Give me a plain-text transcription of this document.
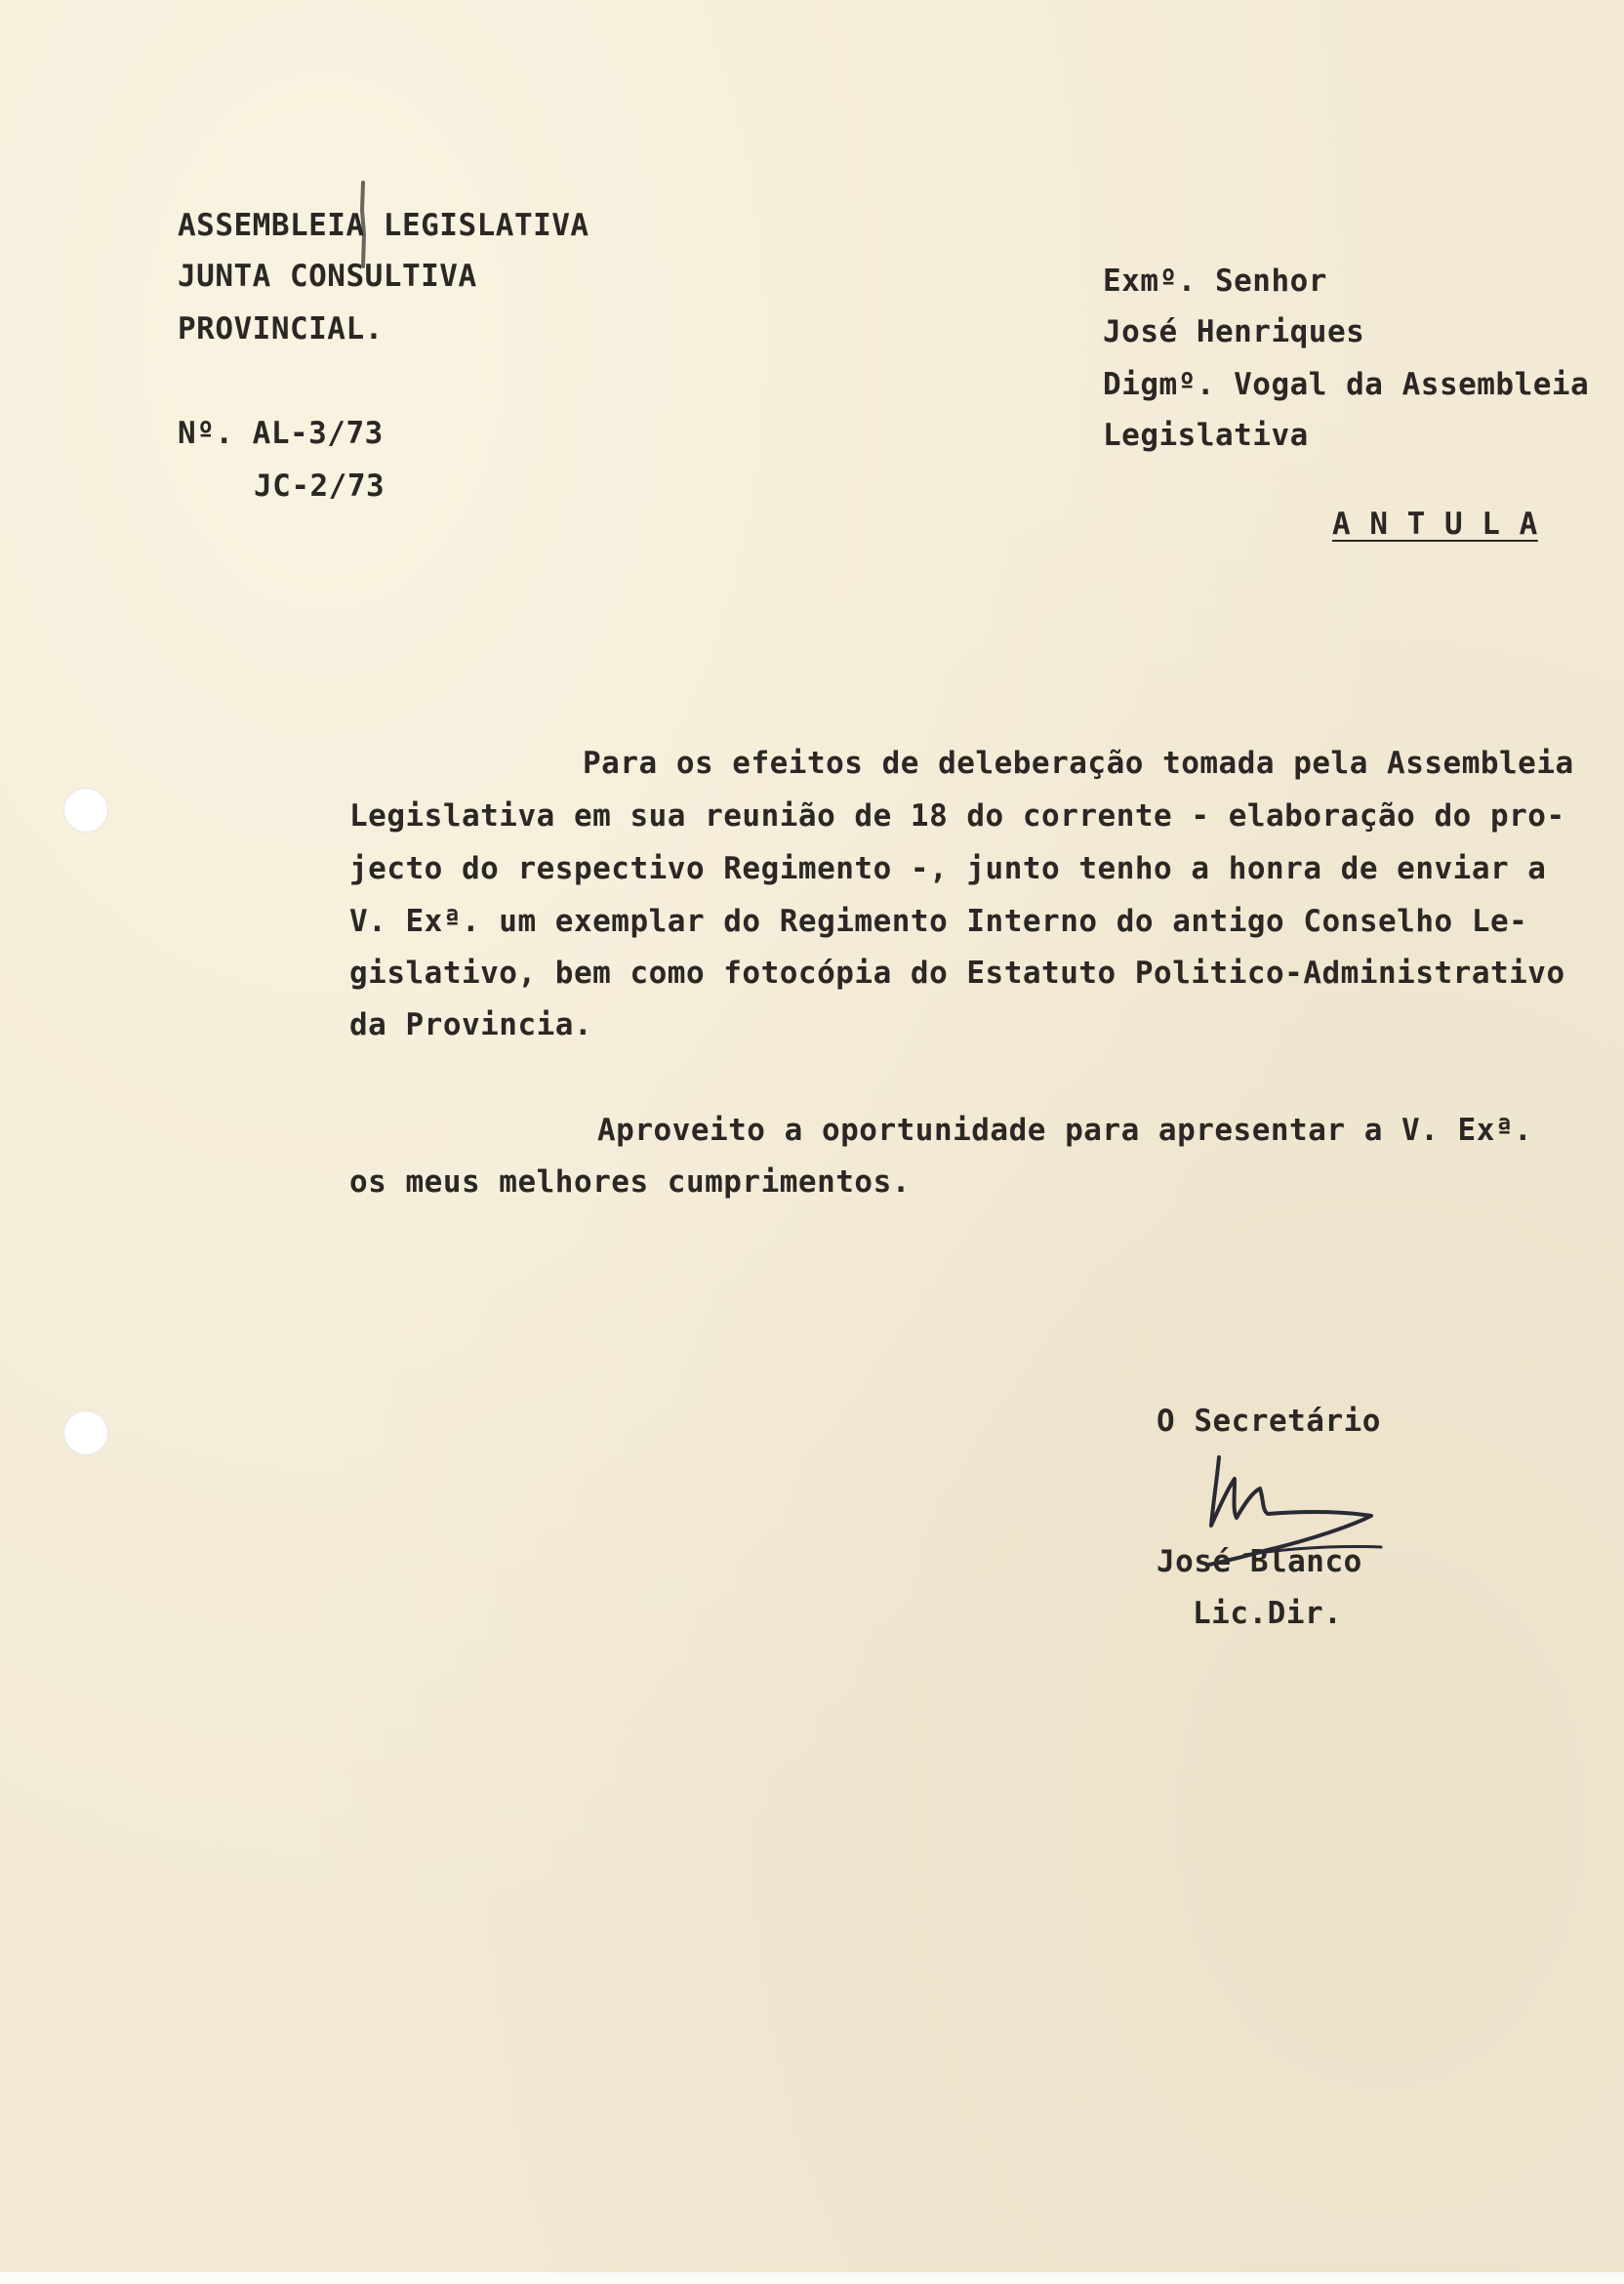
ASSEMBLEIA LEGISLATIVA
JUNTA CONSULTIVA
PROVINCIAL.
Nº. AL-3/73
JC-2/73
Exmº. Senhor
José Henriques
Digmº. Vogal da Assembleia
Legislativa
A N T U L A
Para os efeitos de deleberação tomada pela Assembleia
Legislativa em sua reunião de 18 do corrente - elaboração do pro-
jecto do respectivo Regimento -, junto tenho a honra de enviar a
V. Exª. um exemplar do Regimento Interno do antigo Conselho Le-
gislativo, bem como fotocópia do Estatuto Politico-Administrativo
da Provincia.
Aproveito a oportunidade para apresentar a V. Exª.
os meus melhores cumprimentos.
O Secretário
José Blanco
Lic.Dir.
